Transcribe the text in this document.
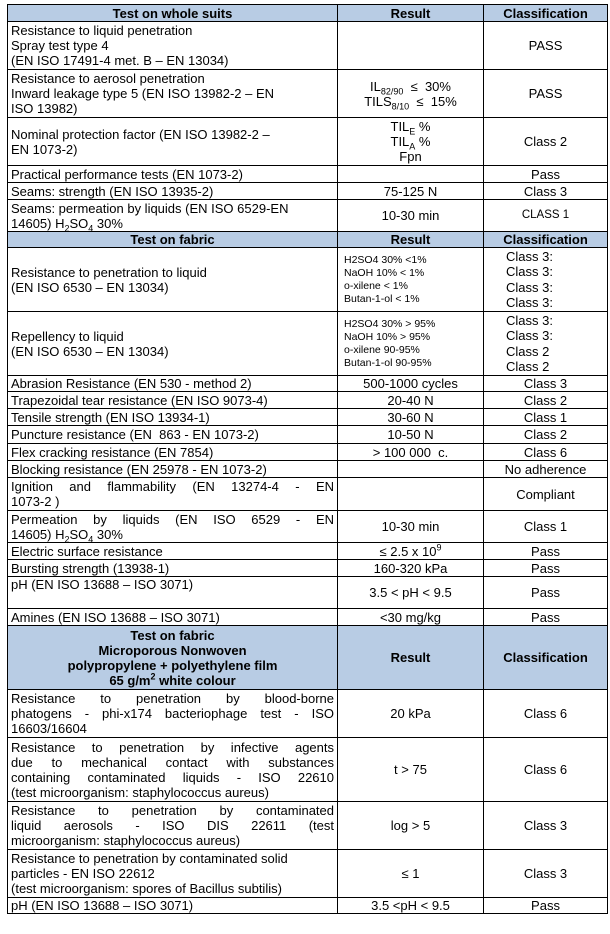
Test on whole suits	Result	Classification

Resistance to liquid penetration
Spray test type 4
(EN ISO 17491-4 met. B – EN 13034)		PASS

Resistance to aerosol penetration
Inward leakage type 5 (EN ISO 13982-2 – EN
ISO 13982)	$IL_{82/90} \le 30\%$
$TILS_{8/10} \le 15\%$	PASS

Nominal protection factor (EN ISO 13982-2 –
EN 1073-2)	$TIL_E$ %
$TIL_A$ %
Fpn	Class 2
Practical performance tests (EN 1073-2)		Pass
Seams: strength (EN ISO 13935-2)	75-125 N	Class 3

Seams: permeation by liquids (EN ISO 6529-EN
14605) $H_2SO_4$ 30%	10-30 min	CLASS 1
Test on fabric	Result	Classification

Resistance to penetration to liquid
(EN ISO 6530 – EN 13034)	H2SO4 30% <1%
NaOH 10% < 1%
o-xilene < 1%
Butan-1-ol < 1%	Class 3:
Class 3:
Class 3:
Class 3:

Repellency to liquid
(EN ISO 6530 – EN 13034)	H2SO4 30% > 95%
NaOH 10% > 95%
o-xilene 90-95%
Butan-1-ol 90-95%	Class 3:
Class 3:
Class 2
Class 2

Abrasion Resistance (EN 530 - method 2)	500-1000 cycles	Class 3
Trapezoidal tear resistance (EN ISO 9073-4)	20-40 N	Class 2
Tensile strength (EN ISO 13934-1)	30-60 N	Class 1
Puncture resistance (EN  863 - EN 1073-2)	10-50 N	Class 2
Flex cracking resistance (EN 7854)	> 100 000  c.	Class 6
Blocking resistance (EN 25978 - EN 1073-2)		No adherence

Ignition and flammability (EN 13274-4 - EN
1073-2 )		Compliant

Permeation by liquids (EN ISO 6529 - EN
14605) $H_2SO_4$ 30%	10-30 min	Class 1
Electric surface resistance	≤ 2.5 x $10^9$	Pass
Bursting strength (13938-1)	160-320 kPa	Pass
pH (EN ISO 13688 – ISO 3071)	3.5 < pH < 9.5	Pass
Amines (EN ISO 13688 – ISO 3071)	<30 mg/kg	Pass

Test on fabric
Microporous Nonwoven
polypropylene + polyethylene film
65 $g/m^2$ white colour	Result	Classification

Resistance to penetration by blood-borne
phatogens - phi-x174 bacteriophage test - ISO
16603/16604	20 kPa	Class 6

Resistance to penetration by infective agents
due to mechanical contact with substances
containing contaminated liquids - ISO 22610
(test microorganism: staphylococcus aureus)	t > 75	Class 6

Resistance to penetration by contaminated
liquid aerosols - ISO DIS 22611 (test
microorganism: staphylococcus aureus)	log > 5	Class 3

Resistance to penetration by contaminated solid
particles - EN ISO 22612
(test microorganism: spores of Bacillus subtilis)	≤ 1	Class 3
pH (EN ISO 13688 – ISO 3071)	3.5 <pH < 9.5	Pass
